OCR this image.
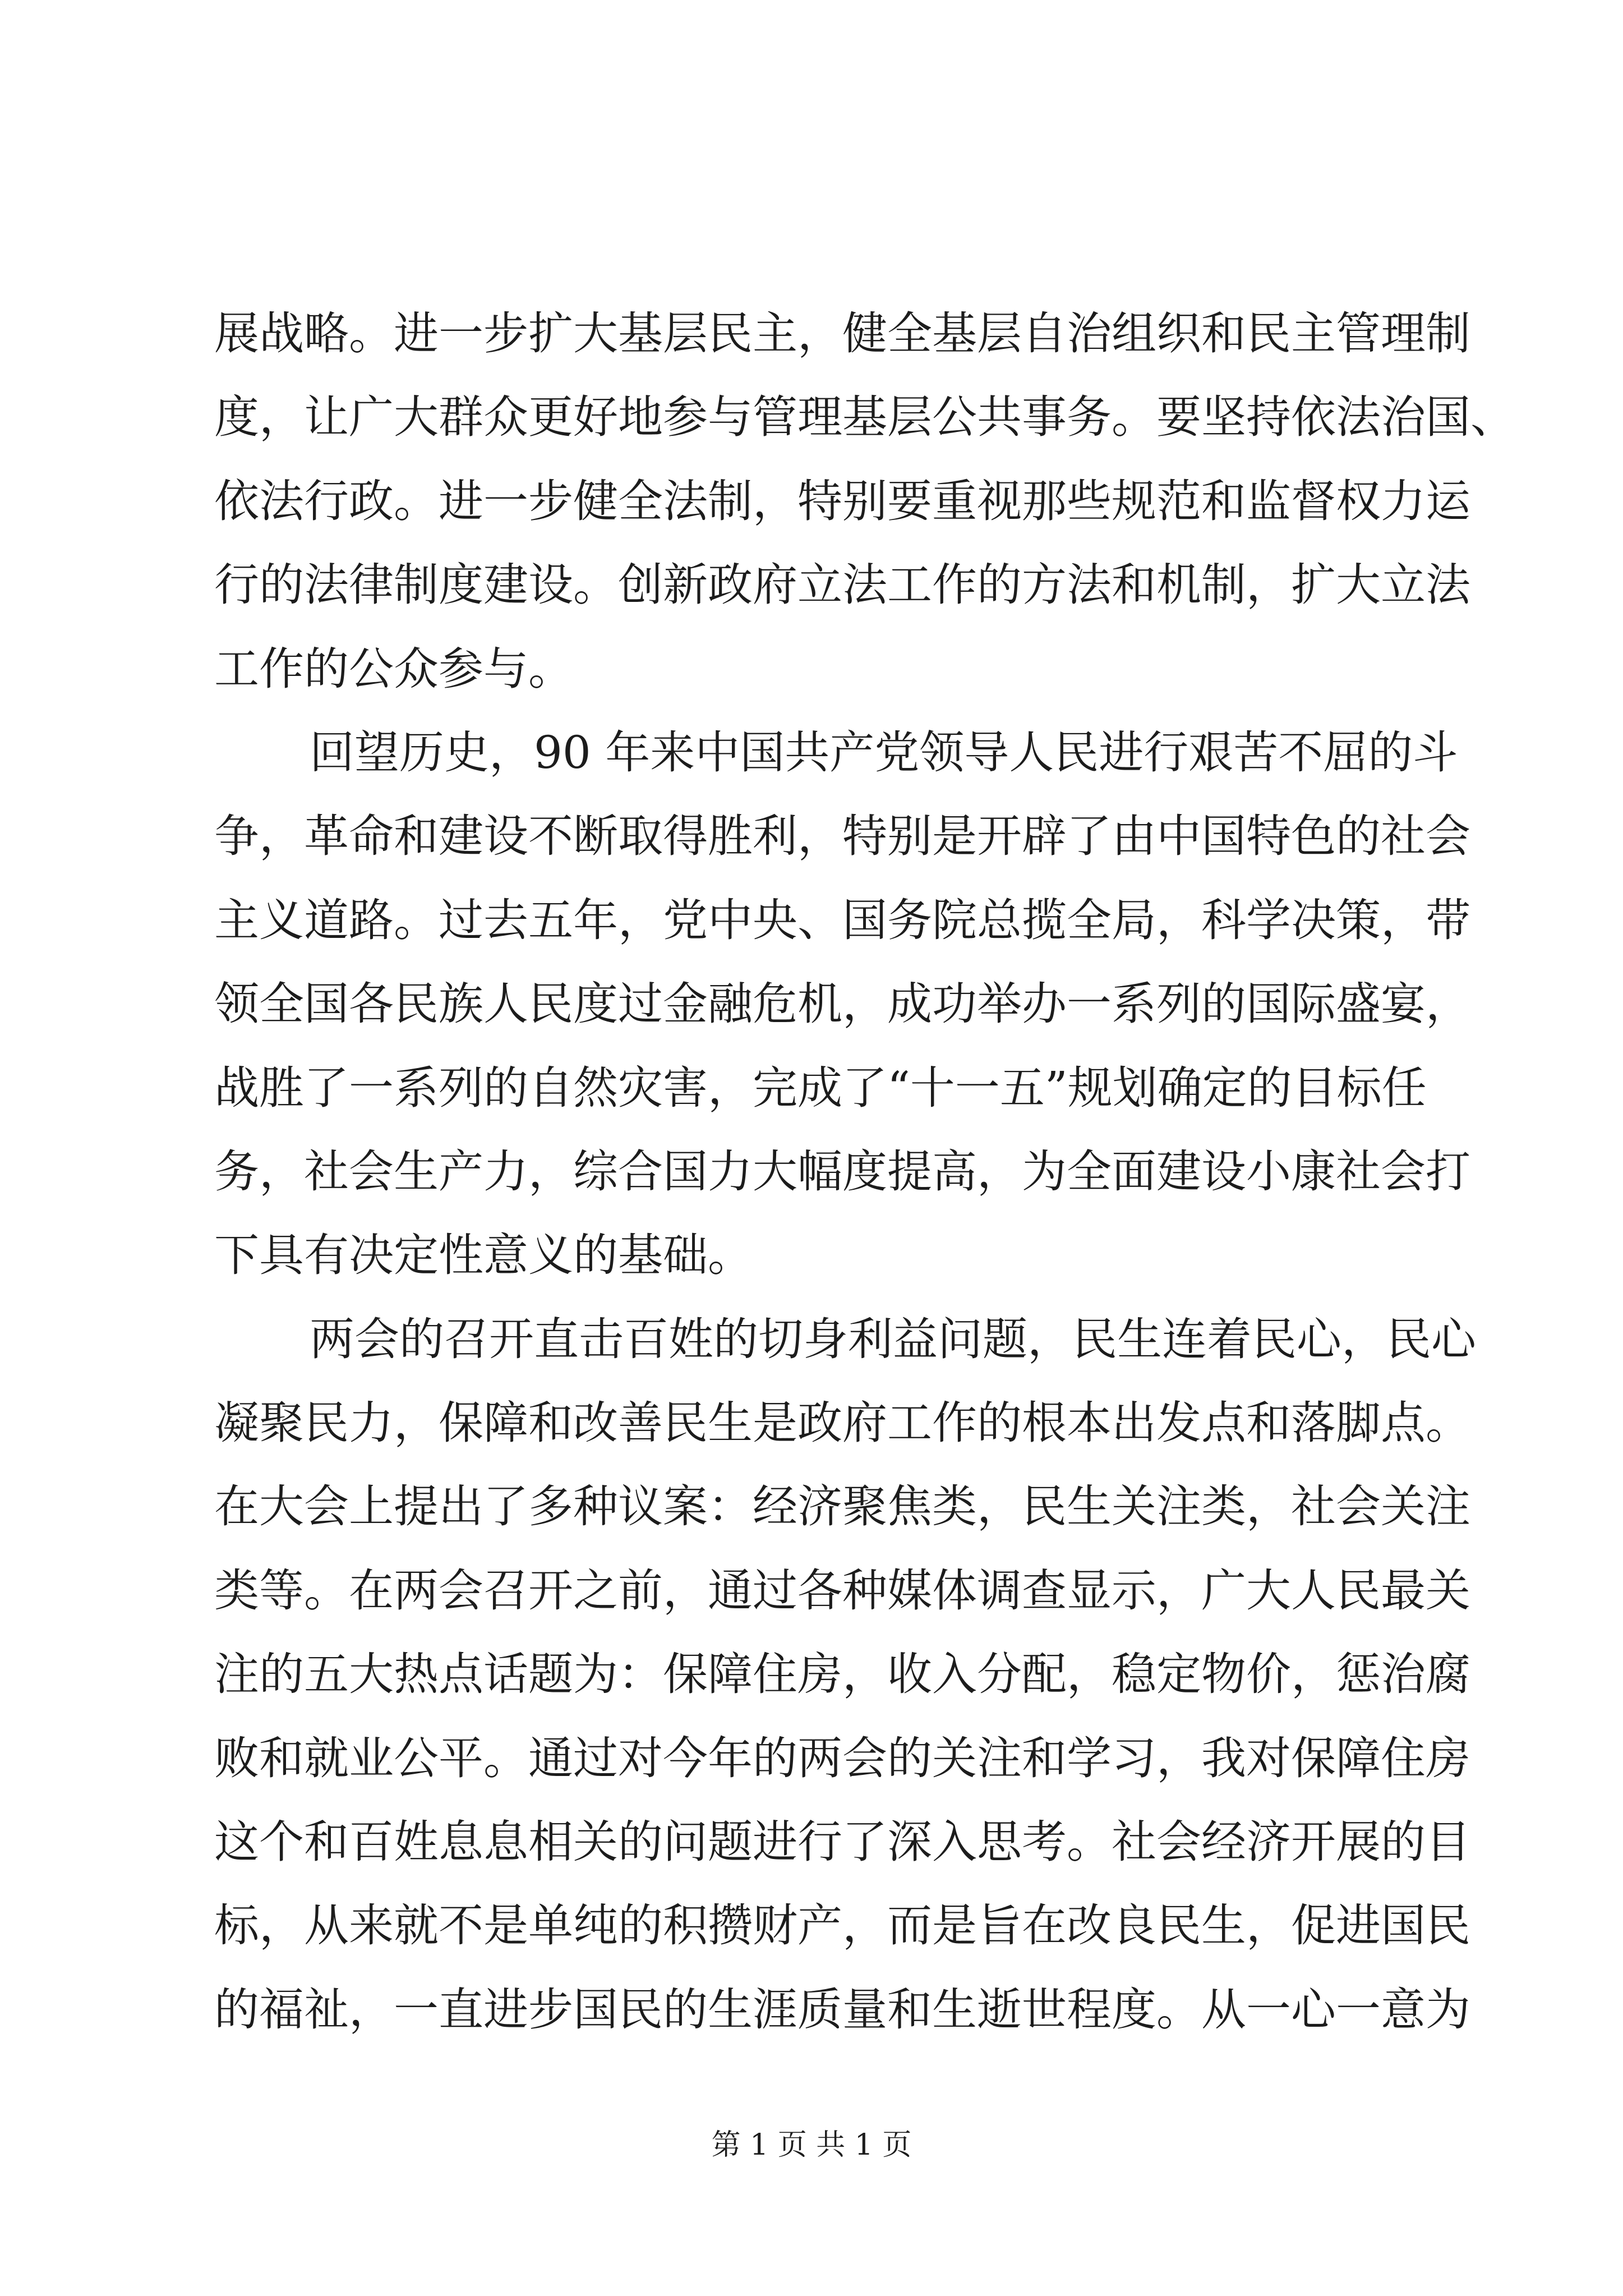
展战略。进一步扩大基层民主，健全基层自治组织和民主管理制
度，让广大群众更好地参与管理基层公共事务。要坚持依法治国、
依法行政。进一步健全法制，特别要重视那些规范和监督权力运
行的法律制度建设。创新政府立法工作的方法和机制，扩大立法
工作的公众参与。
回望历史，90 年来中国共产党领导人民进行艰苦不屈的斗
争，革命和建设不断取得胜利，特别是开辟了由中国特色的社会
主义道路。过去五年，党中央、国务院总揽全局，科学决策，带
领全国各民族人民度过金融危机，成功举办一系列的国际盛宴，
战胜了一系列的自然灾害，完成了“十一五”规划确定的目标任
务，社会生产力，综合国力大幅度提高，为全面建设小康社会打
下具有决定性意义的基础。
两会的召开直击百姓的切身利益问题，民生连着民心，民心
凝聚民力，保障和改善民生是政府工作的根本出发点和落脚点。
在大会上提出了多种议案：经济聚焦类，民生关注类，社会关注
类等。在两会召开之前，通过各种媒体调查显示，广大人民最关
注的五大热点话题为：保障住房，收入分配，稳定物价，惩治腐
败和就业公平。通过对今年的两会的关注和学习，我对保障住房
这个和百姓息息相关的问题进行了深入思考。社会经济开展的目
标，从来就不是单纯的积攒财产，而是旨在改良民生，促进国民
的福祉，一直进步国民的生涯质量和生逝世程度。从一心一意为
第 1 页 共 1 页
